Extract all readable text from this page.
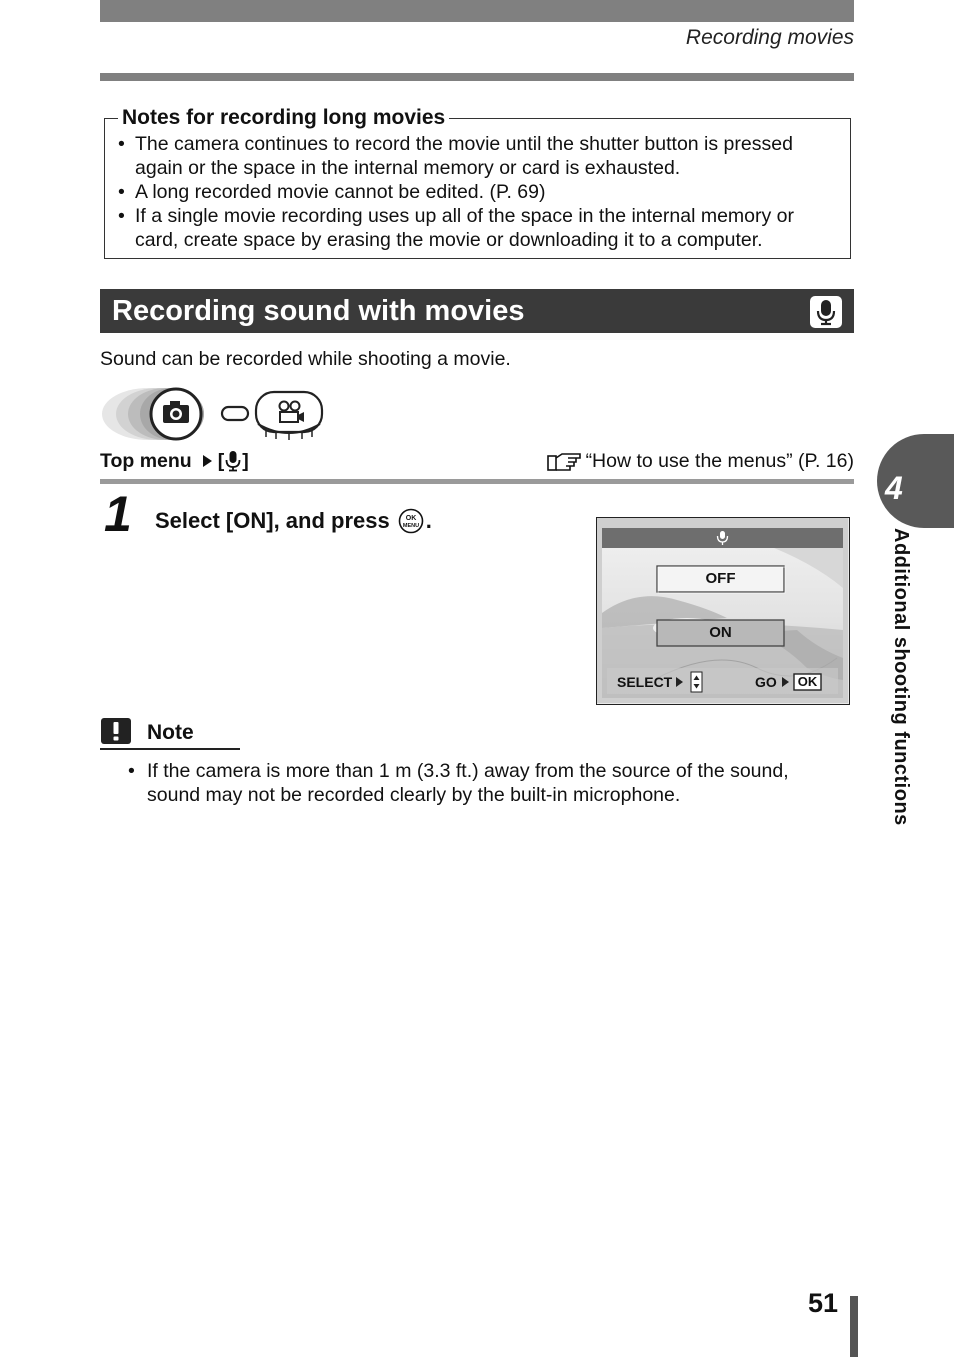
Recording movies
Notes for recording long movies
• The camera continues to record the movie until the shutter button is pressed again or the space in the internal memory or card is exhausted.
• A long recorded movie cannot be edited. (P. 69)
• If a single movie recording uses up all of the space in the internal memory or card, create space by erasing the movie or downloading it to a computer.
Recording sound with movies
Sound can be recorded while shooting a movie.
Top menu [ ]	“How to use the menus” (P. 16)
1 Select [ON], and press OK
MENU .
OFF
ON
SELECT	GO OK
Note
• If the camera is more than 1 m (3.3 ft.) away from the source of the sound, sound may not be recorded clearly by the built-in microphone.
4
Additional shooting functions
51
